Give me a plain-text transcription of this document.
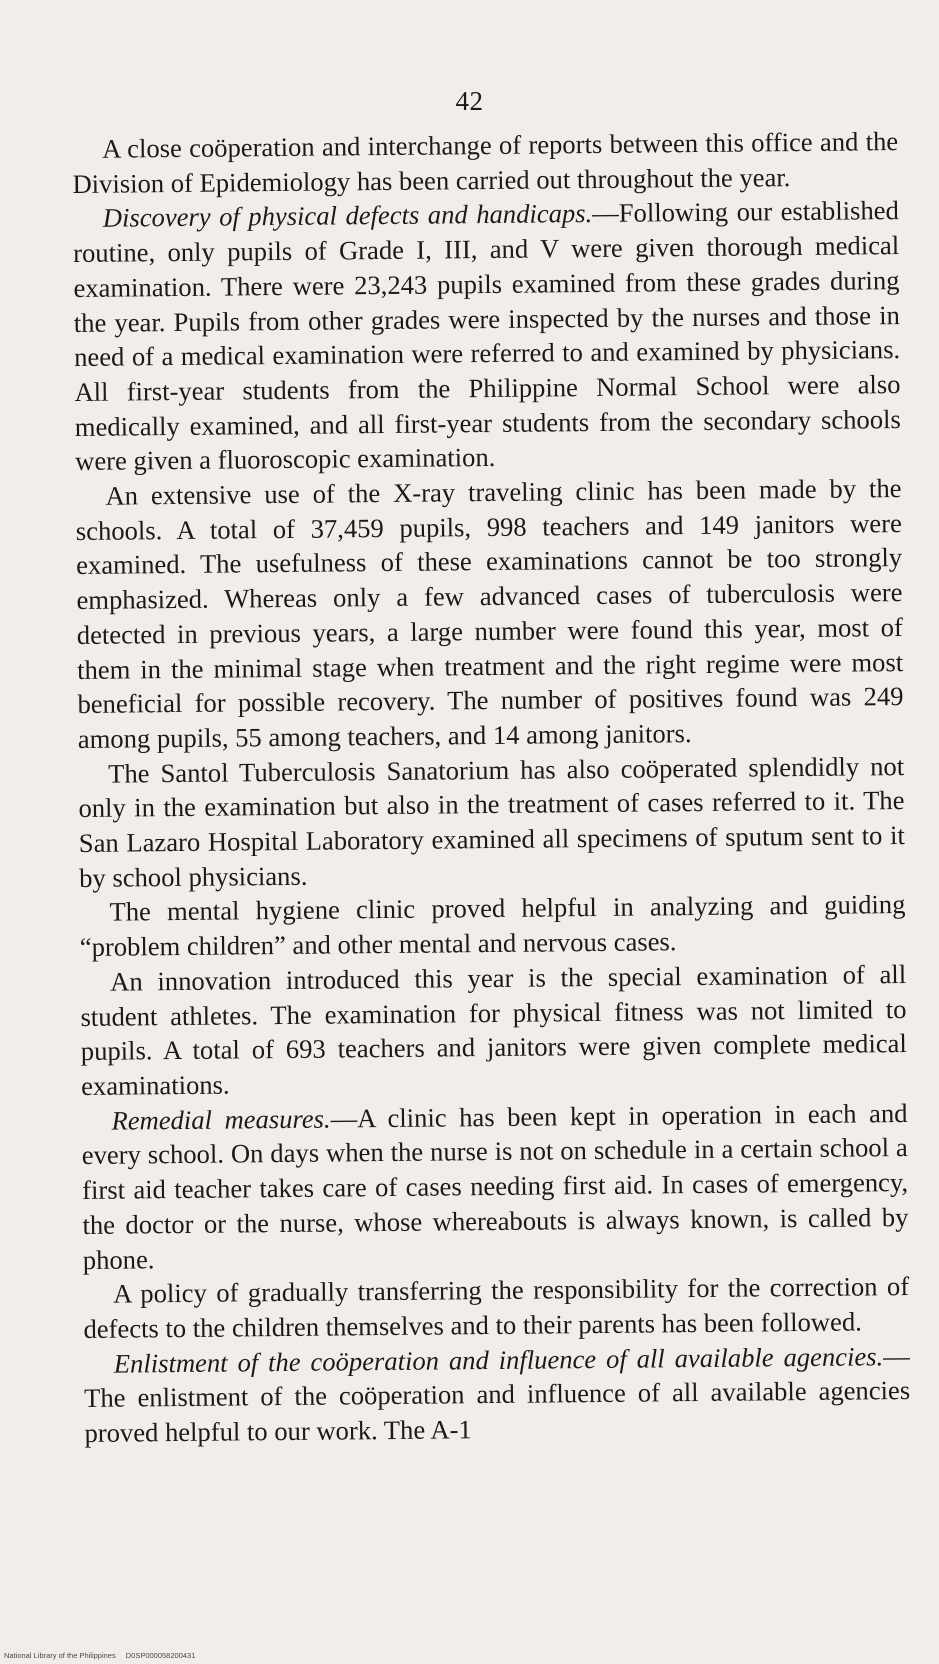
42

A close coöperation and interchange of reports between this office and the Division of Epidemiology has been carried out throughout the year.

Discovery of physical defects and handicaps.—Following our established routine, only pupils of Grade I, III, and V were given thorough medical examination. There were 23,243 pupils examined from these grades during the year. Pupils from other grades were inspected by the nurses and those in need of a medical examination were referred to and examined by physicians. All first-year students from the Philippine Normal School were also medically examined, and all first-year students from the secondary schools were given a fluoroscopic examination.

An extensive use of the X-ray traveling clinic has been made by the schools. A total of 37,459 pupils, 998 teachers and 149 janitors were examined. The usefulness of these examinations cannot be too strongly emphasized. Whereas only a few advanced cases of tuberculosis were detected in previous years, a large number were found this year, most of them in the minimal stage when treatment and the right regime were most beneficial for possible recovery. The number of positives found was 249 among pupils, 55 among teachers, and 14 among janitors.

The Santol Tuberculosis Sanatorium has also coöperated splendidly not only in the examination but also in the treatment of cases referred to it. The San Lazaro Hospital Laboratory examined all specimens of sputum sent to it by school physicians.

The mental hygiene clinic proved helpful in analyzing and guiding “problem children” and other mental and nervous cases.

An innovation introduced this year is the special examination of all student athletes. The examination for physical fitness was not limited to pupils. A total of 693 teachers and janitors were given complete medical examinations.

Remedial measures.—A clinic has been kept in operation in each and every school. On days when the nurse is not on schedule in a certain school a first aid teacher takes care of cases needing first aid. In cases of emergency, the doctor or the nurse, whose whereabouts is always known, is called by phone.

A policy of gradually transferring the responsibility for the correction of defects to the children themselves and to their parents has been followed.

Enlistment of the coöperation and influence of all available agencies.—The enlistment of the coöperation and influence of all available agencies proved helpful to our work. The A-1

National Library of the Philippines D0SP000058200431
